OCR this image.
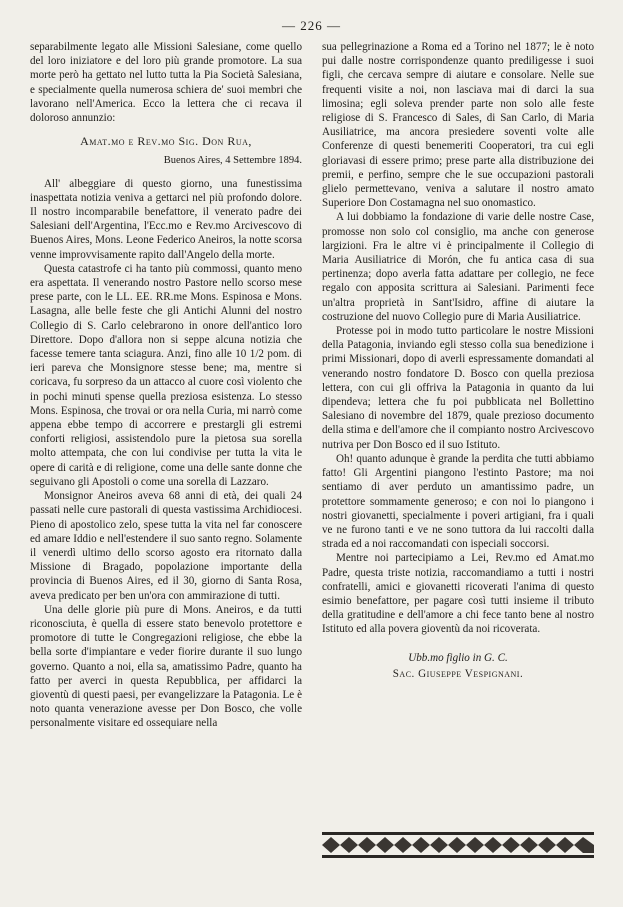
— 226 —

separabilmente legato alle Missioni Salesiane, come quello del loro iniziatore e del loro più grande promotore. La sua morte però ha gettato nel lutto tutta la Pia Società Salesiana, e specialmente quella numerosa schiera de' suoi membri che lavorano nell'America. Ecco la lettera che ci recava il doloroso annunzio:

Amat.mo e Rev.mo Sig. Don Rua,
Buenos Aires, 4 Settembre 1894.

All' albeggiare di questo giorno, una funestissima inaspettata notizia veniva a gettarci nel più profondo dolore. Il nostro incomparabile benefattore, il venerato padre dei Salesiani dell'Argentina, l'Ecc.mo e Rev.mo Arcivescovo di Buenos Aires, Mons. Leone Federico Aneiros, la notte scorsa venne improvvisamente rapito dall'Angelo della morte.

Questa catastrofe ci ha tanto più commossi, quanto meno era aspettata. Il venerando nostro Pastore nello scorso mese prese parte, con le LL. EE. RR.me Mons. Espinosa e Mons. Lasagna, alle belle feste che gli Antichi Alunni del nostro Collegio di S. Carlo celebrarono in onore dell'antico loro Direttore. Dopo d'allora non si seppe alcuna notizia che facesse temere tanta sciagura. Anzi, fino alle 10 1/2 pom. di ieri pareva che Monsignore stesse bene; ma, mentre si coricava, fu sorpreso da un attacco al cuore così violento che in pochi minuti spense quella preziosa esistenza. Lo stesso Mons. Espinosa, che trovai or ora nella Curia, mi narrò come appena ebbe tempo di accorrere e prestargli gli estremi conforti religiosi, assistendolo pure la pietosa sua sorella molto attempata, che con lui condivise per tutta la vita le opere di carità e di religione, come una delle sante donne che seguivano gli Apostoli o come una sorella di Lazzaro.

Monsignor Aneiros aveva 68 anni di età, dei quali 24 passati nelle cure pastorali di questa vastissima Archidiocesi. Pieno di apostolico zelo, spese tutta la vita nel far conoscere ed amare Iddio e nell'estendere il suo santo regno. Solamente il venerdì ultimo dello scorso agosto era ritornato dalla Missione di Bragado, popolazione importante della provincia di Buenos Aires, ed il 30, giorno di Santa Rosa, aveva predicato per ben un'ora con ammirazione di tutti.

Una delle glorie più pure di Mons. Aneiros, e da tutti riconosciuta, è quella di essere stato benevolo protettore e promotore di tutte le Congregazioni religiose, che ebbe la bella sorte d'impiantare e veder fiorire durante il suo lungo governo. Quanto a noi, ella sa, amatissimo Padre, quanto ha fatto per averci in questa Repubblica, per affidarci la gioventù di questi paesi, per evangelizzare la Patagonia. Le è noto quanta venerazione avesse per Don Bosco, che volle personalmente visitare ed ossequiare nella

sua pellegrinazione a Roma ed a Torino nel 1877; le è noto pui dalle nostre corrispondenze quanto prediligesse i suoi figli, che cercava sempre di aiutare e consolare. Nelle sue frequenti visite a noi, non lasciava mai di darci la sua limosina; egli soleva prender parte non solo alle feste religiose di S. Francesco di Sales, di San Carlo, di Maria Ausiliatrice, ma ancora presiedere soventi volte alle Conferenze di questi benemeriti Cooperatori, tra cui egli gloriavasi di essere primo; prese parte alla distribuzione dei premii, e perfino, sempre che le sue occupazioni pastorali glielo permettevano, veniva a salutare il nostro amato Superiore Don Costamagna nel suo onomastico.

A lui dobbiamo la fondazione di varie delle nostre Case, promosse non solo col consiglio, ma anche con generose largizioni. Fra le altre vi è principalmente il Collegio di Maria Ausiliatrice di Morón, che fu antica casa di sua pertinenza; dopo averla fatta adattare per collegio, ne fece regalo con apposita scrittura ai Salesiani. Parimenti fece un'altra proprietà in Sant'Isidro, affine di aiutare la costruzione del nuovo Collegio pure di Maria Ausiliatrice.

Protesse poi in modo tutto particolare le nostre Missioni della Patagonia, inviando egli stesso colla sua benedizione i primi Missionari, dopo di averli espressamente domandati al venerando nostro fondatore D. Bosco con quella preziosa lettera, con cui gli offriva la Patagonia in quanto da lui dipendeva; lettera che fu poi pubblicata nel Bollettino Salesiano di novembre del 1879, quale prezioso documento della stima e dell'amore che il compianto nostro Arcivescovo nutriva per Don Bosco ed il suo Istituto.

Oh! quanto adunque è grande la perdita che tutti abbiamo fatto! Gli Argentini piangono l'estinto Pastore; ma noi sentiamo di aver perduto un amantissimo padre, un protettore sommamente generoso; e con noi lo piangono i nostri giovanetti, specialmente i poveri artigiani, fra i quali ve ne furono tanti e ve ne sono tuttora da lui raccolti dalla strada ed a noi raccomandati con ispeciali soccorsi.

Mentre noi partecipiamo a Lei, Rev.mo ed Amat.mo Padre, questa triste notizia, raccomandiamo a tutti i nostri confratelli, amici e giovanetti ricoverati l'anima di questo esimio benefattore, per pagare così tutti insieme il tributo della gratitudine e dell'amore a chi fece tanto bene al nostro Istituto ed alla povera gioventù da noi ricoverata.

Ubb.mo figlio in G. C.
Sac. Giuseppe Vespignani.
